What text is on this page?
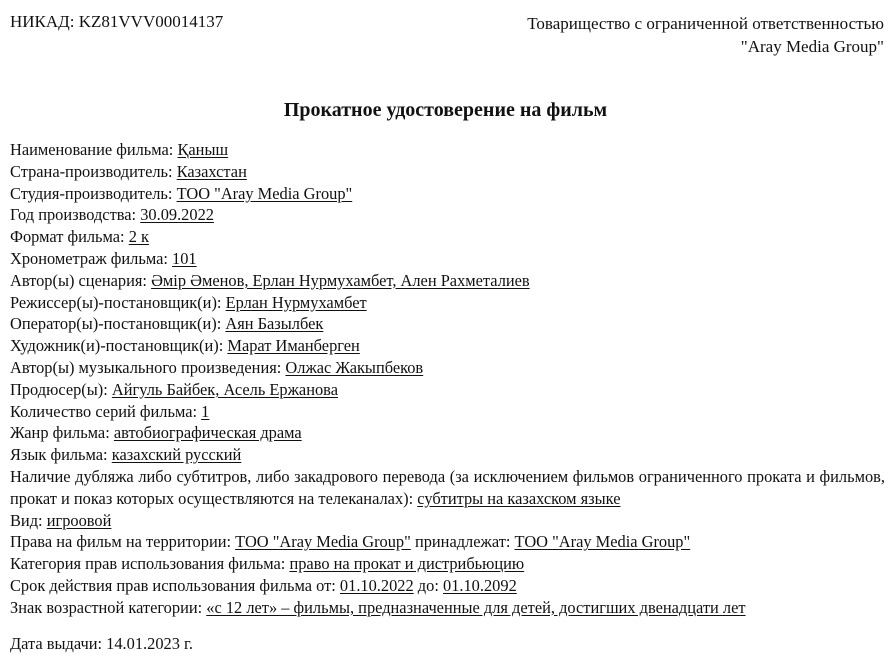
НИКАД: KZ81VVV00014137	Товарищество с ограниченной ответственностью
"Aray Media Group"
Прокатное удостоверение на фильм
Наименование фильма: Қаныш
Страна-производитель: Казахстан
Студия-производитель: ТОО "Aray Media Group"
Год производства: 30.09.2022
Формат фильма: 2 к
Хронометраж фильма: 101
Автор(ы) сценария: Әмір Әменов, Ерлан Нурмухамбет, Ален Рахметалиев
Режиссер(ы)-постановщик(и): Ерлан Нурмухамбет
Оператор(ы)-постановщик(и): Аян Базылбек
Художник(и)-постановщик(и): Марат Иманберген
Автор(ы) музыкального произведения: Олжас Жакыпбеков
Продюсер(ы): Айгуль Байбек, Асель Ержанова
Количество серий фильма: 1
Жанр фильма: автобиографическая драма
Язык фильма: казахский русский
Наличие дубляжа либо субтитров, либо закадрового перевода (за исключением фильмов ограниченного проката и фильмов, прокат и показ которых осуществляются на телеканалах): субтитры на казахском языке
Вид: игроовой
Права на фильм на территории: ТОО "Aray Media Group" принадлежат: ТОО "Aray Media Group"
Категория прав использования фильма: право на прокат и дистрибьюцию
Срок действия прав использования фильма от: 01.10.2022 до: 01.10.2092
Знак возрастной категории: «с 12 лет» – фильмы, предназначенные для детей, достигших двенадцати лет
Дата выдачи: 14.01.2023 г.
